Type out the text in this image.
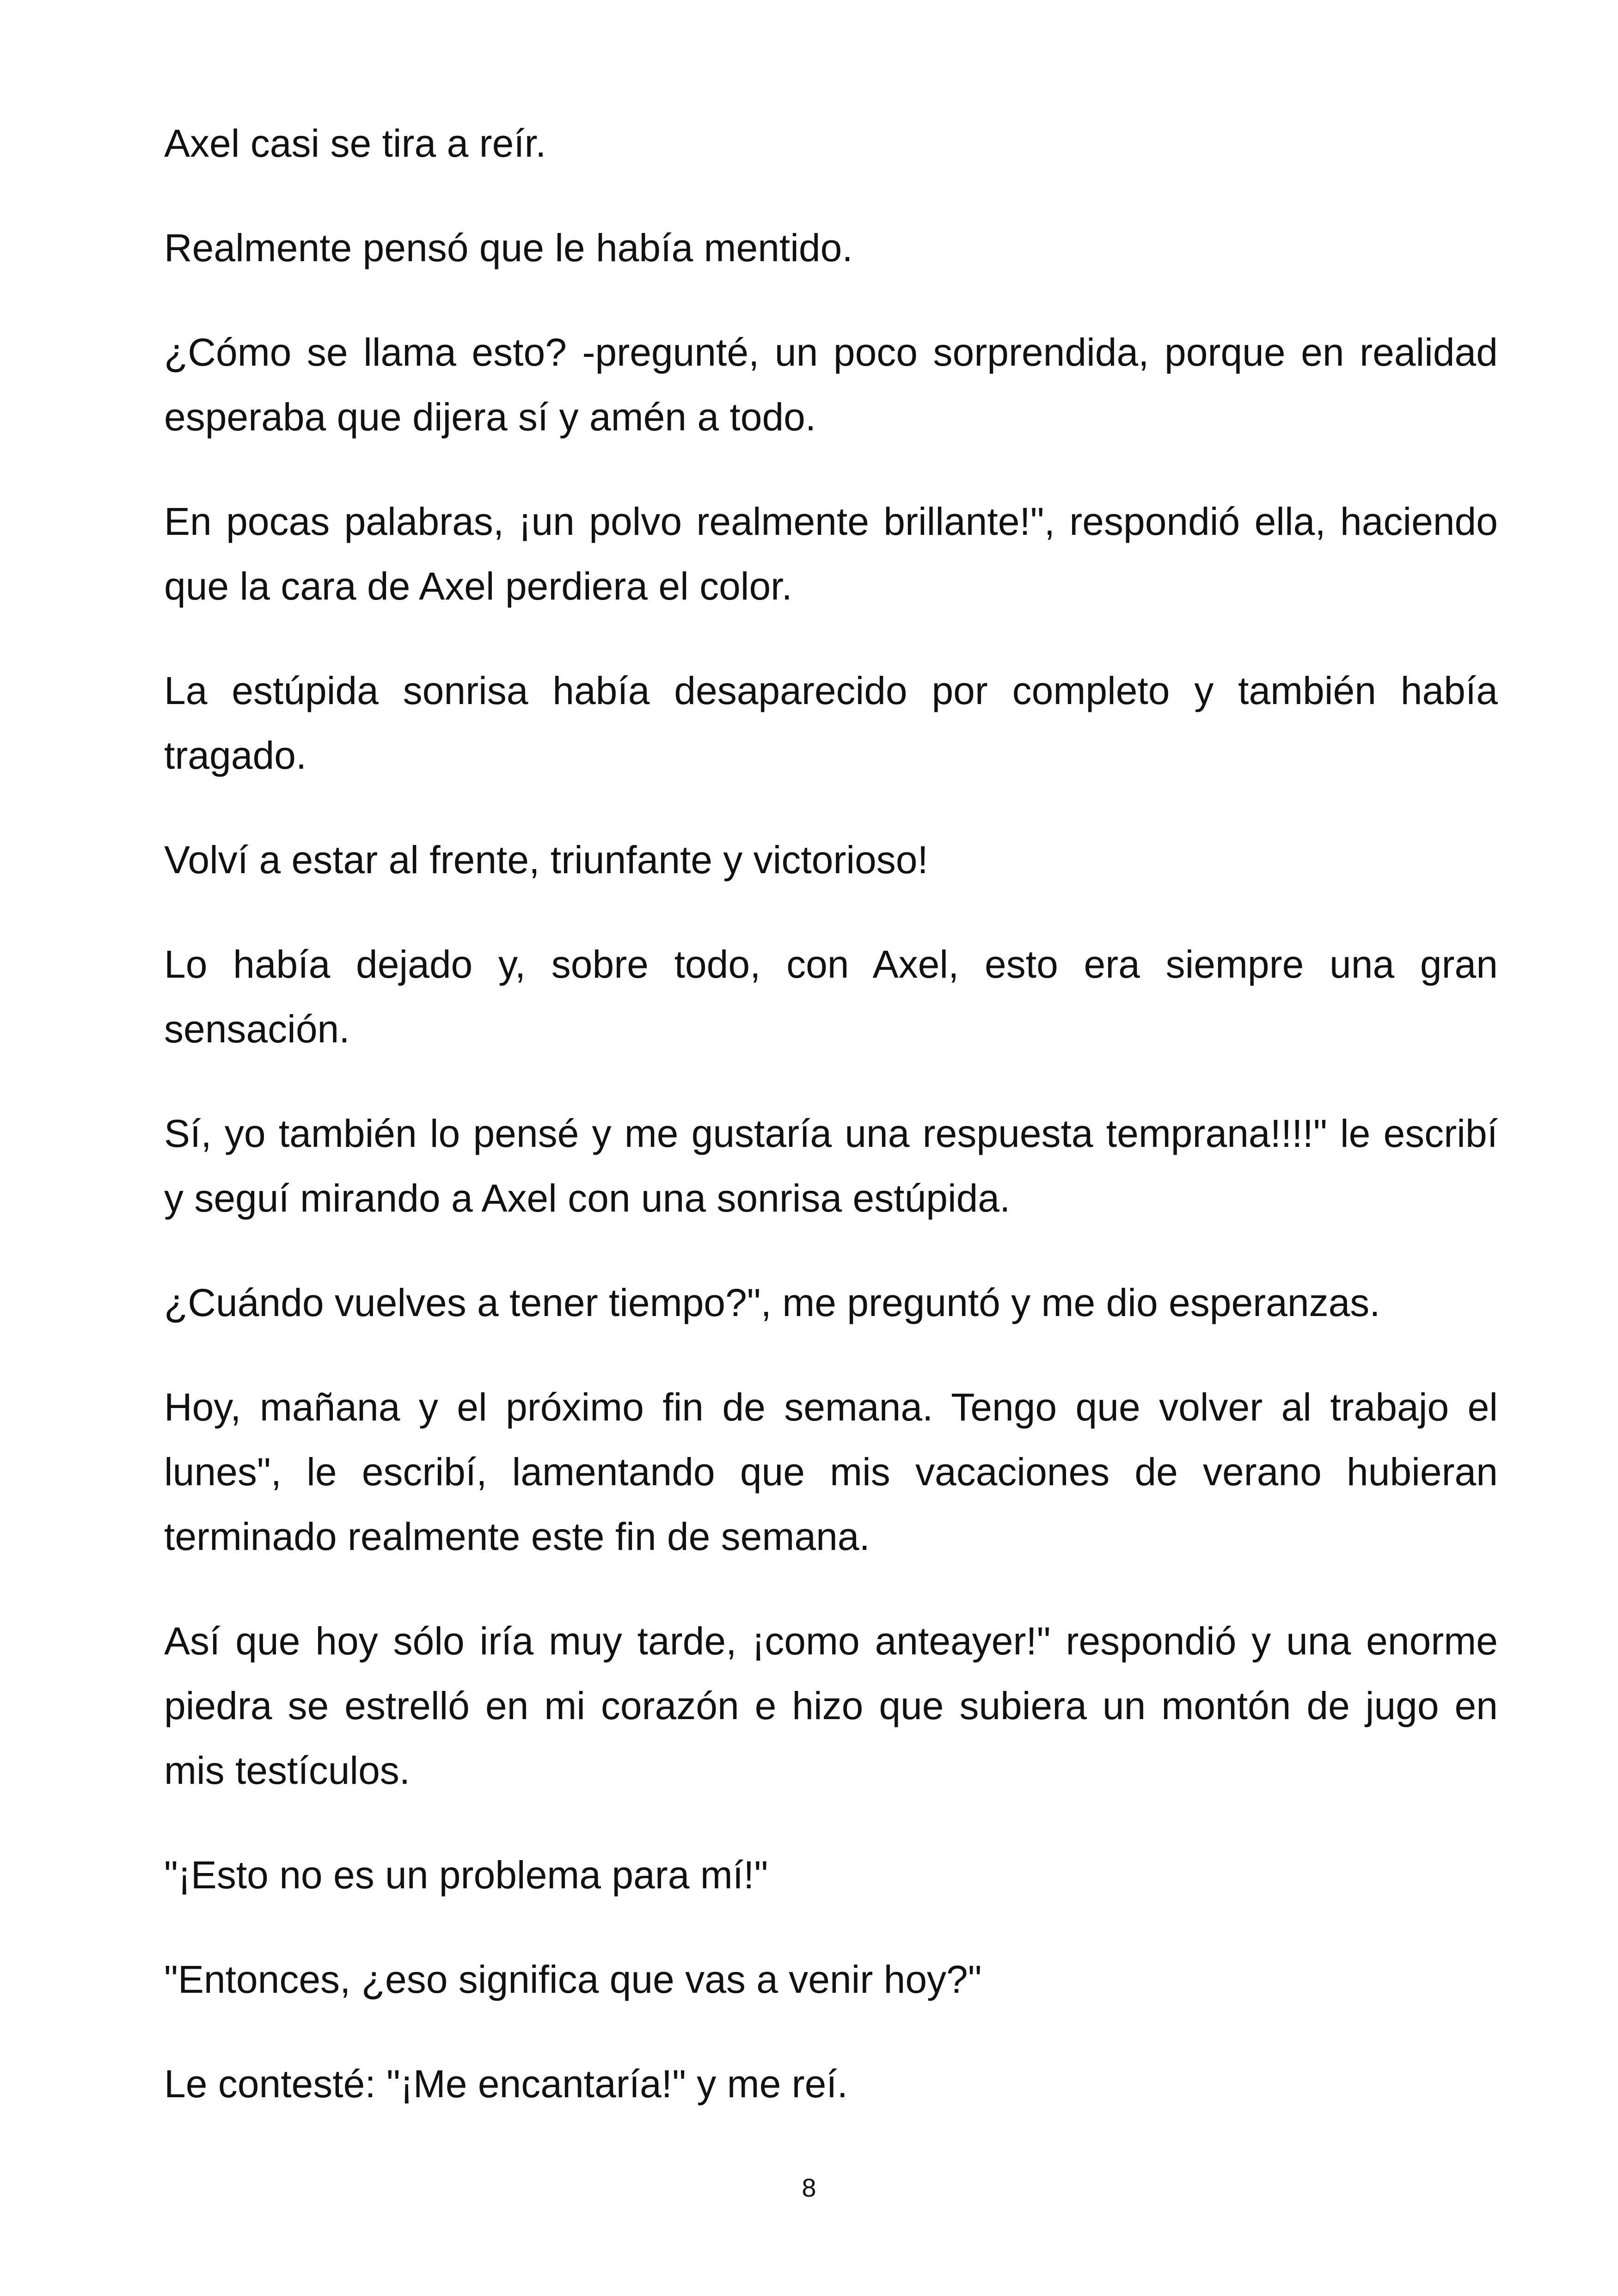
Axel casi se tira a reír.

Realmente pensó que le había mentido.

¿Cómo se llama esto? -pregunté, un poco sorprendida, porque en realidad esperaba que dijera sí y amén a todo.

En pocas palabras, ¡un polvo realmente brillante!", respondió ella, haciendo que la cara de Axel perdiera el color.

La estúpida sonrisa había desaparecido por completo y también había tragado.

Volví a estar al frente, triunfante y victorioso!

Lo había dejado y, sobre todo, con Axel, esto era siempre una gran sensación.

Sí, yo también lo pensé y me gustaría una respuesta temprana!!!!" le escribí y seguí mirando a Axel con una sonrisa estúpida.

¿Cuándo vuelves a tener tiempo?", me preguntó y me dio esperanzas.

Hoy, mañana y el próximo fin de semana. Tengo que volver al trabajo el lunes", le escribí, lamentando que mis vacaciones de verano hubieran terminado realmente este fin de semana.

Así que hoy sólo iría muy tarde, ¡como anteayer!" respondió y una enorme piedra se estrelló en mi corazón e hizo que subiera un montón de jugo en mis testículos.

"¡Esto no es un problema para mí!"

"Entonces, ¿eso significa que vas a venir hoy?"

Le contesté: "¡Me encantaría!" y me reí.

8
